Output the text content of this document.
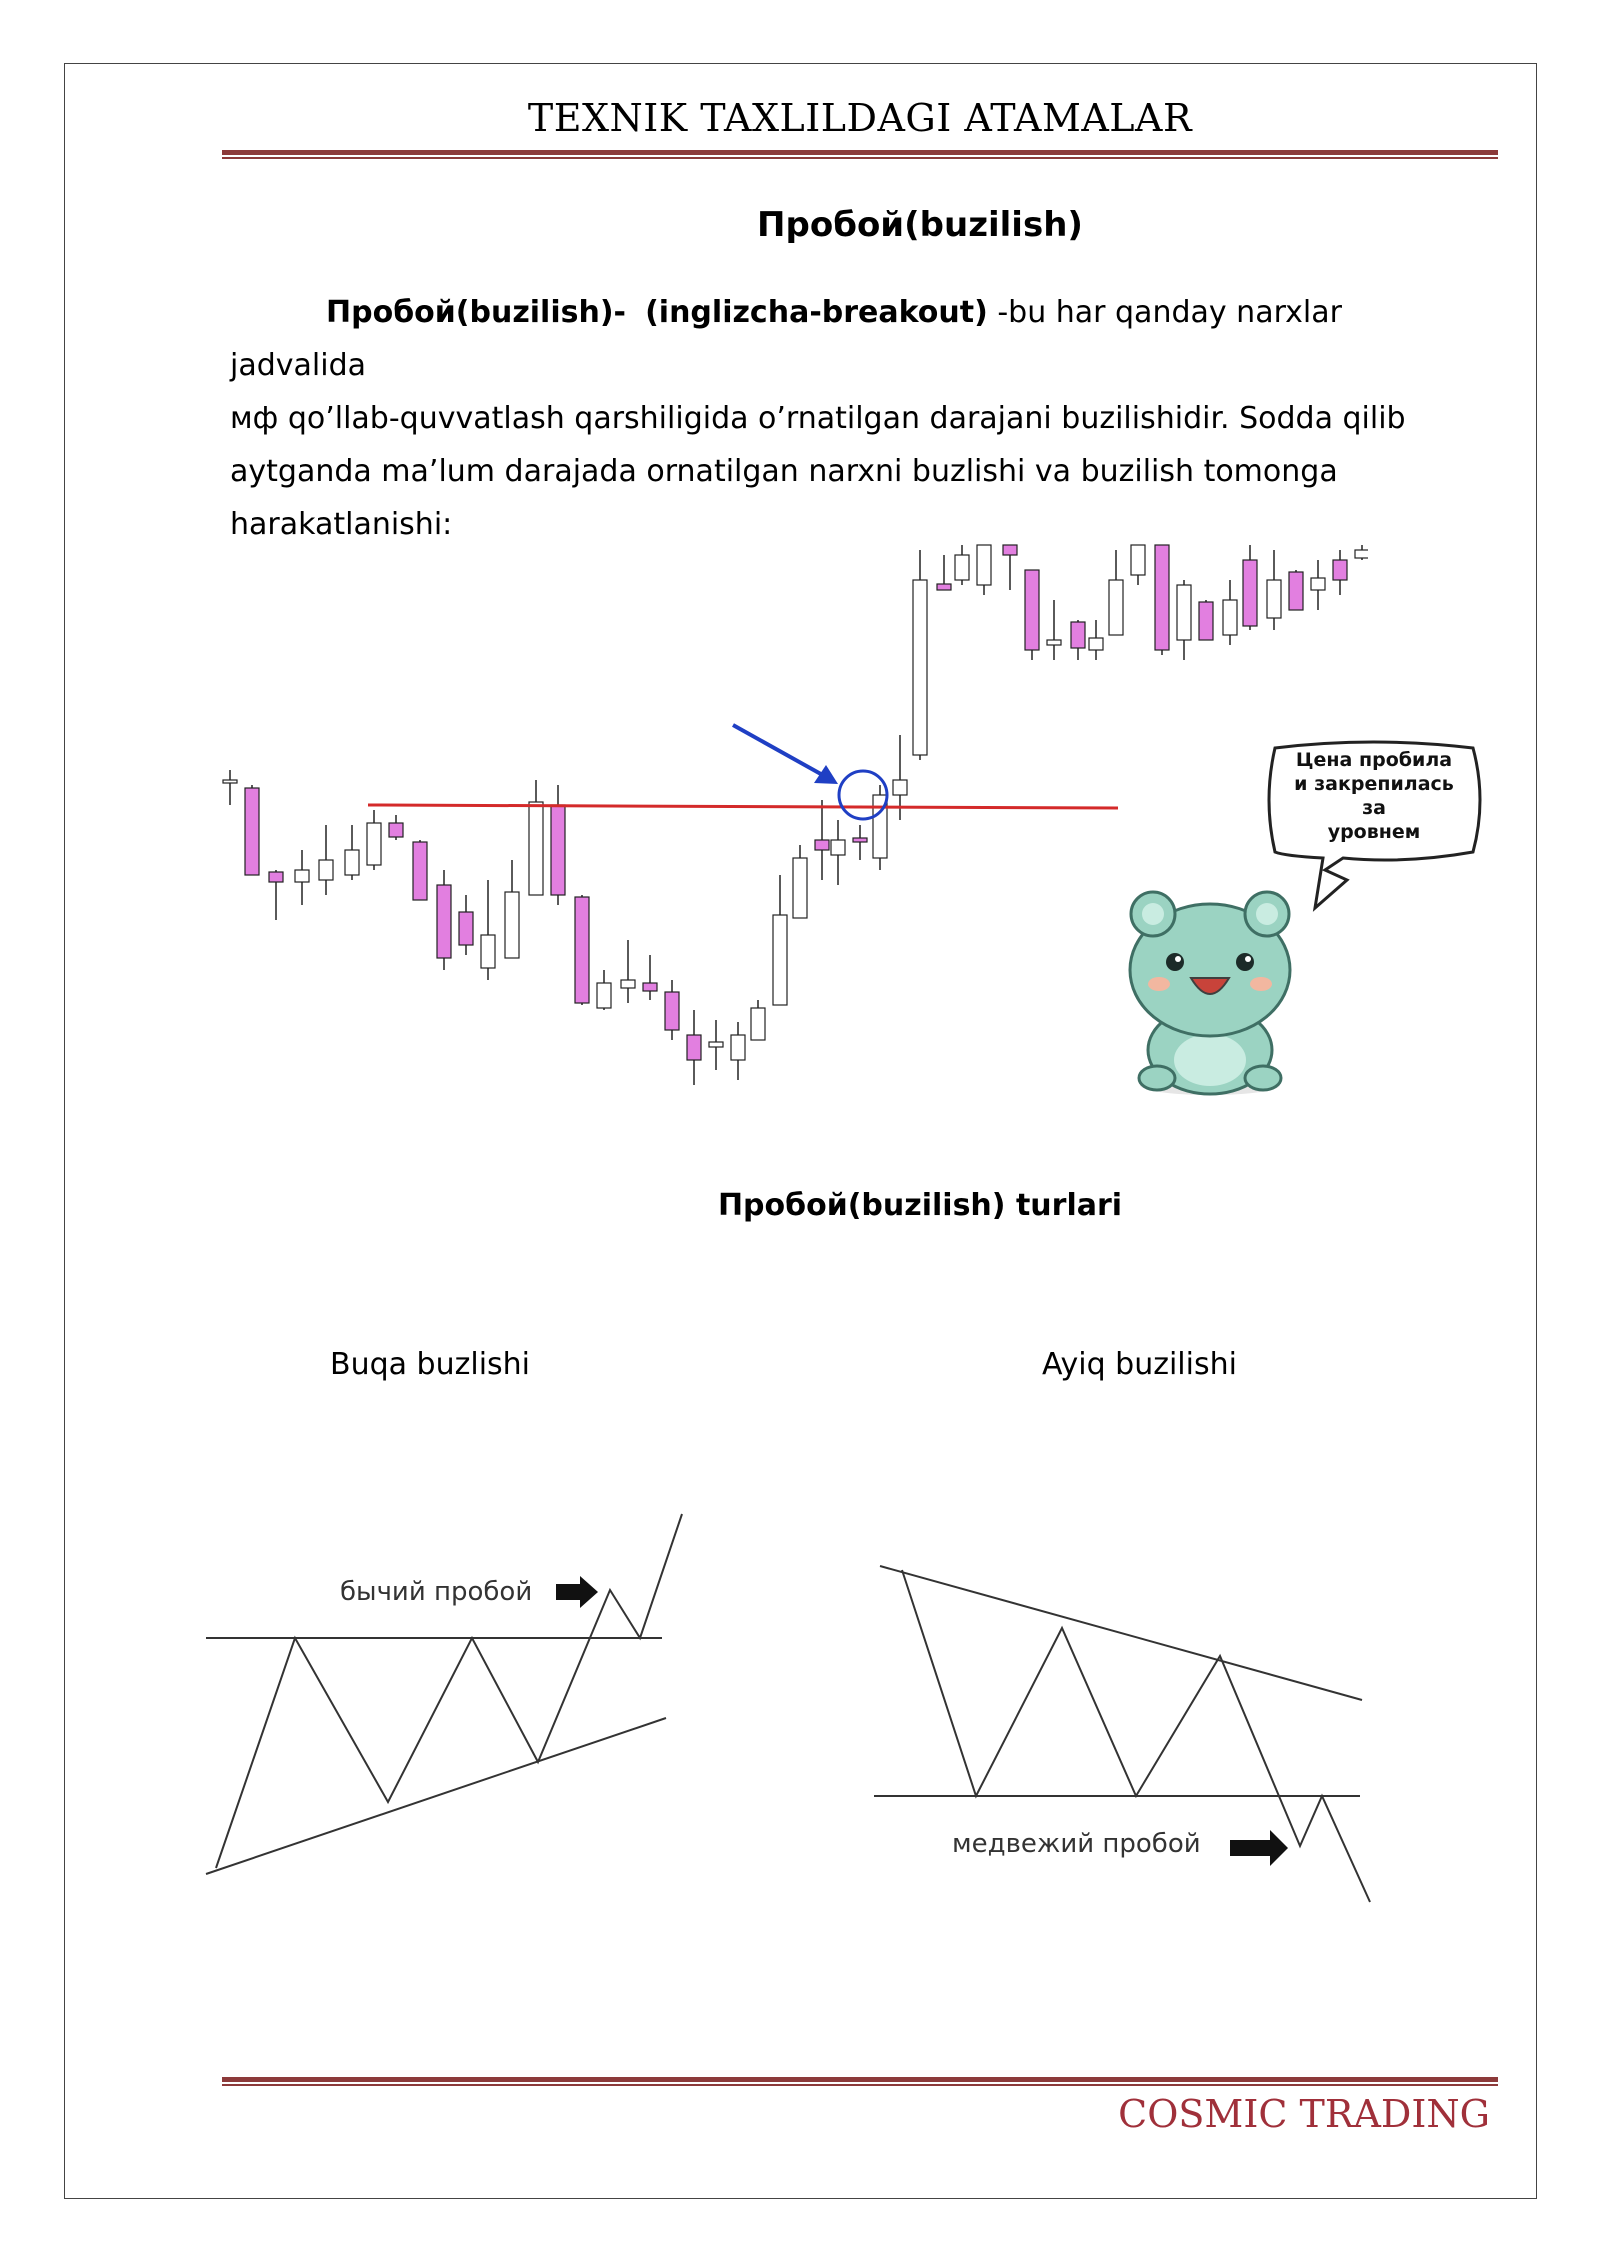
TEXNIK TAXLILDAGI ATAMALAR
Пробой(buzilish)
Пробой(buzilish)- (inglizcha-breakout) -bu har qanday narxlar jadvalida
мф qo’llab-quvvatlash qarshiligida o’rnatilgan darajani buzilishidir. Sodda qilib
aytganda ma’lum darajada ornatilgan narxni buzlishi va buzilish tomonga
harakatlanishi:
Цена пробила
и закрепилась
за
уровнем
Пробой(buzilish) turlari
Buqa buzlishi	Ayiq buzilishi
бычий пробой
медвежий пробой
COSMIC TRADING
